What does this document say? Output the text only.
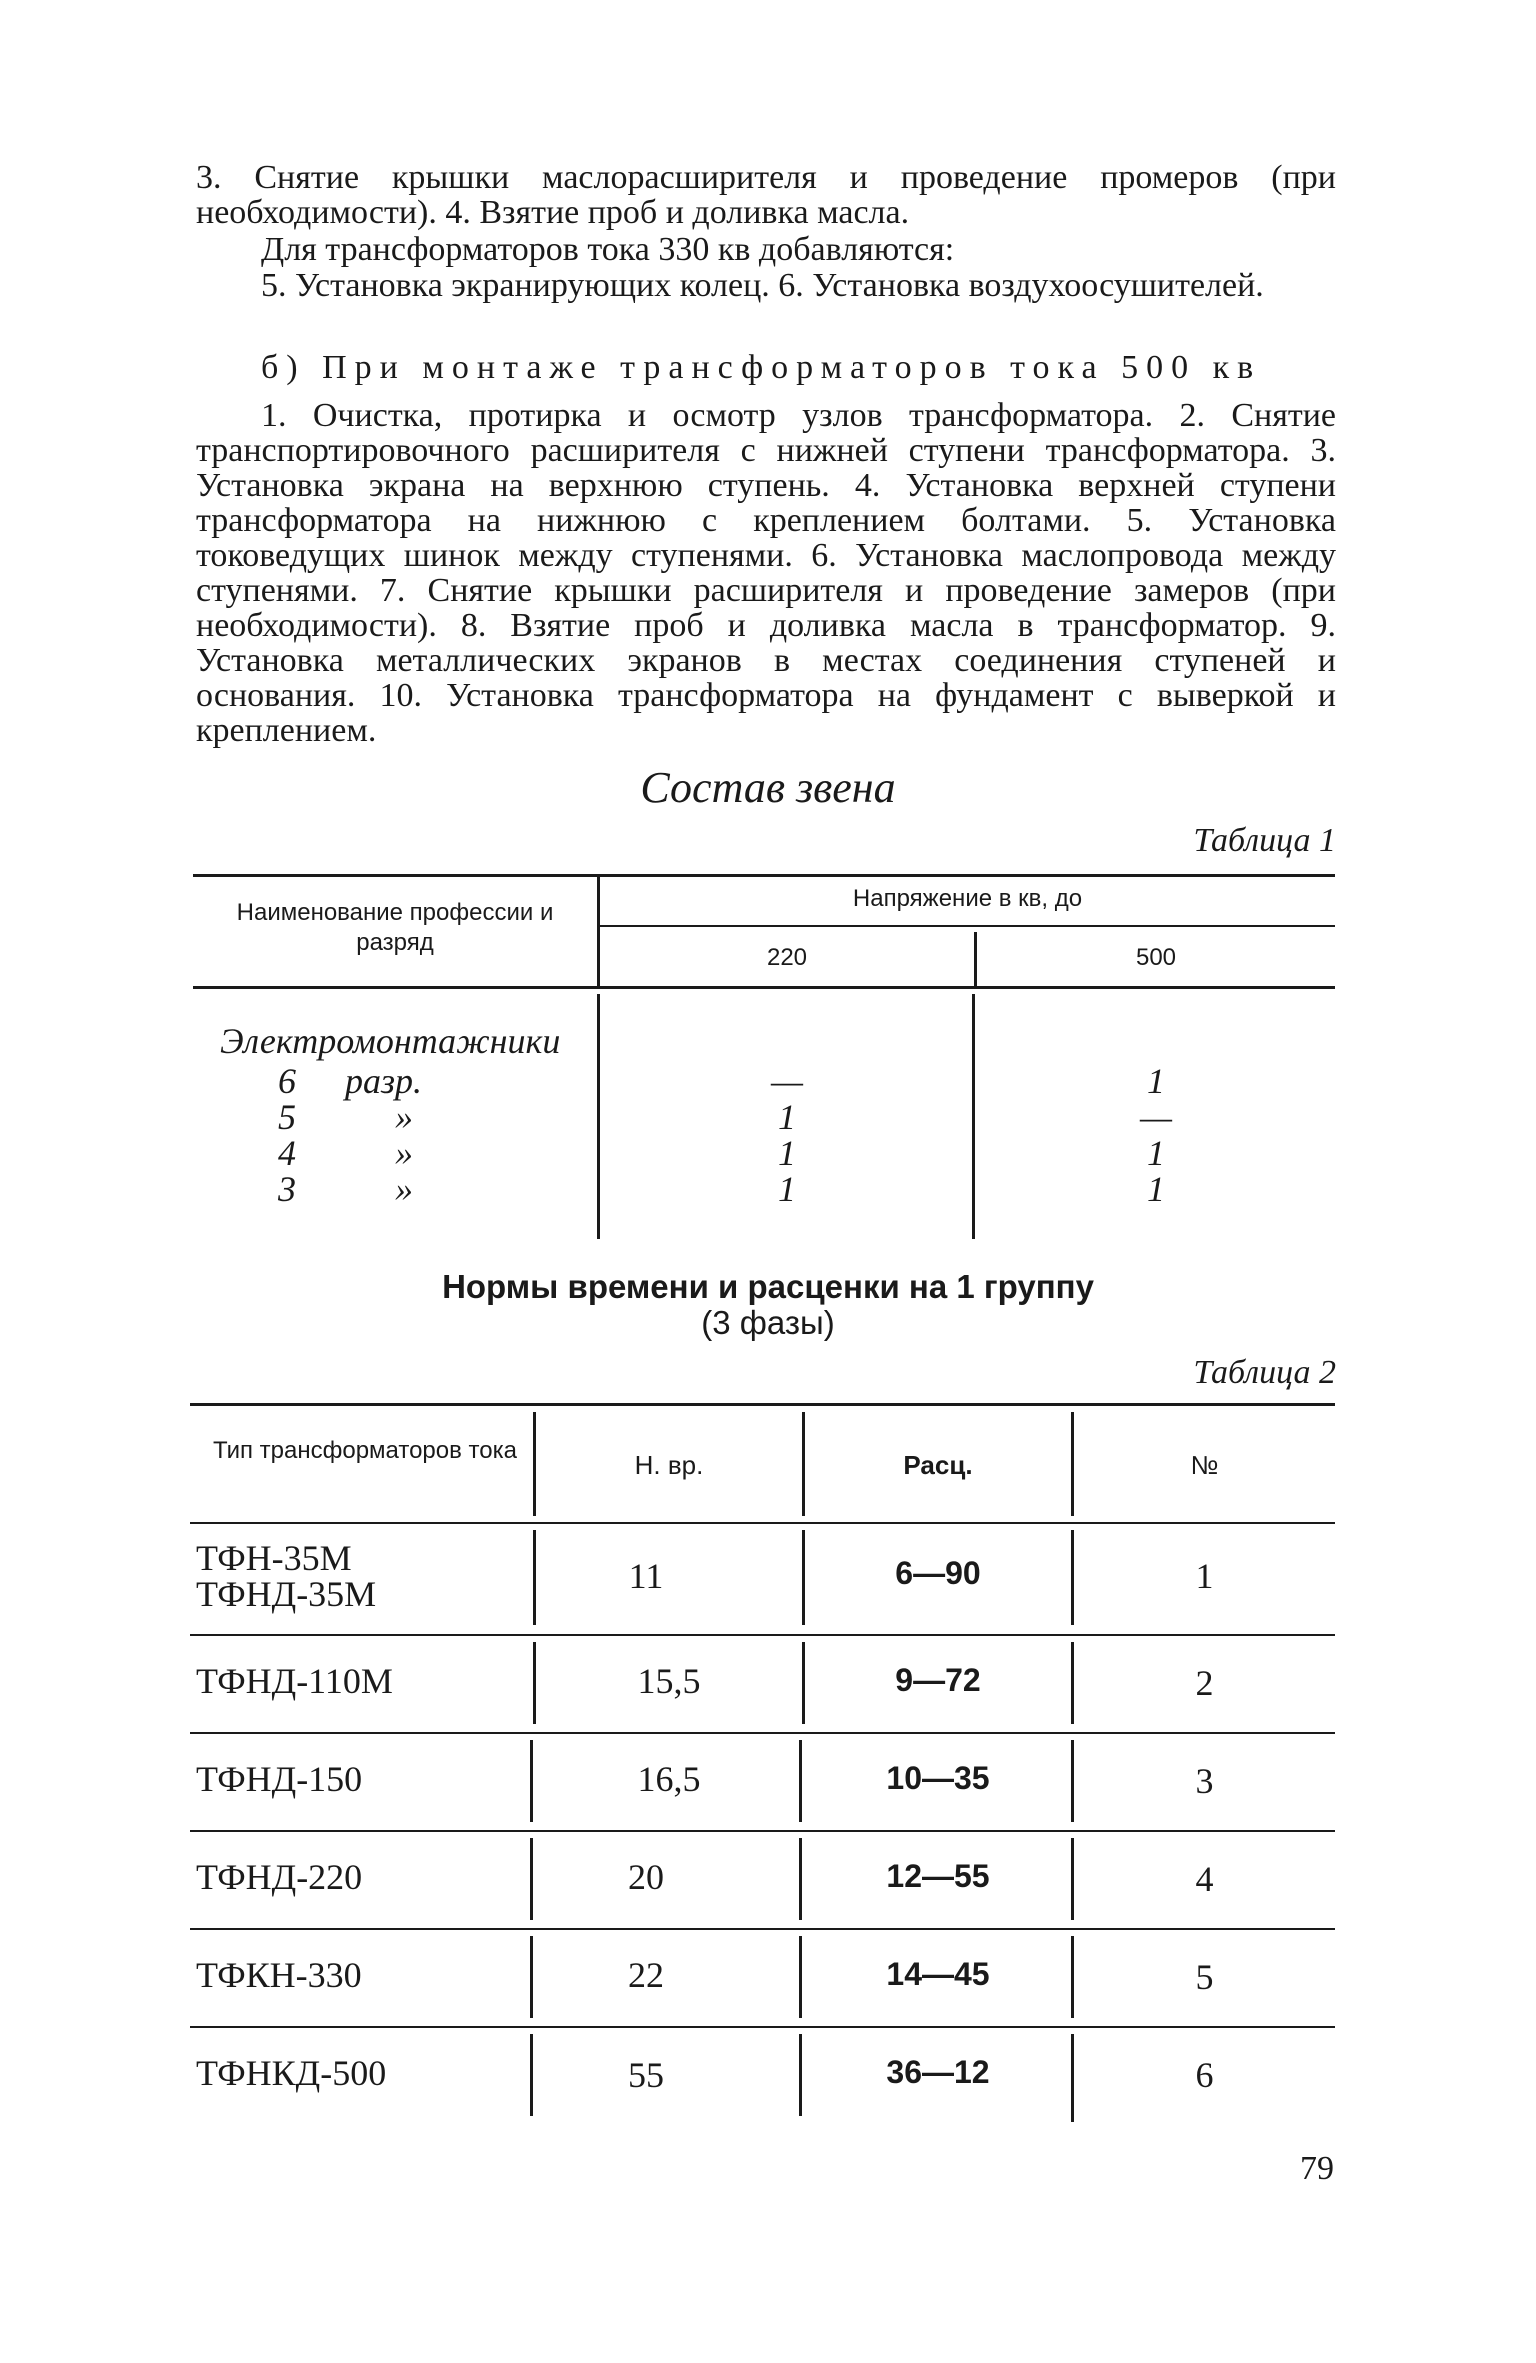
3. Снятие крышки маслорасширителя и проведение промеров (при необходимости). 4. Взятие проб и доливка масла.

Для трансформаторов тока 330 кв добавляются:

5. Установка экранирующих колец. 6. Установка воздухоосушителей.

б) При монтаже трансформаторов тока 500 кв

1. Очистка, протирка и осмотр узлов трансформатора. 2. Снятие транспортировочного расширителя с нижней ступени трансформатора. 3. Установка экрана на верхнюю ступень. 4. Установка верхней ступени трансформатора на нижнюю с креплением болтами. 5. Установка токоведущих шинок между ступенями. 6. Установка маслопровода между ступенями. 7. Снятие крышки расширителя и проведение замеров (при необходимости). 8. Взятие проб и доливка масла в трансформатор. 9. Установка металлических экранов в местах соединения ступеней и основания. 10. Установка трансформатора на фундамент с выверкой и креплением.

Состав звена

Таблица 1

Наименование профессии и разряд

Напряжение в кв, до

220	500

Электромонтажники

6 разр.	—	1

5	»	1	—

4	»	1	1

3	»	1	1

Нормы времени и расценки на 1 группу

(3 фазы)

Таблица 2

Тип трансформаторов тока	Н. вр.	Расц.	№

ТФН-35М
ТФНД-35М	11	6—90	1

ТФНД-110М	15,5	9—72	2

ТФНД-150	16,5	10—35	3

ТФНД-220	20	12—55	4

ТФКН-330	22	14—45	5

ТФНКД-500	55	36—12	6

79
